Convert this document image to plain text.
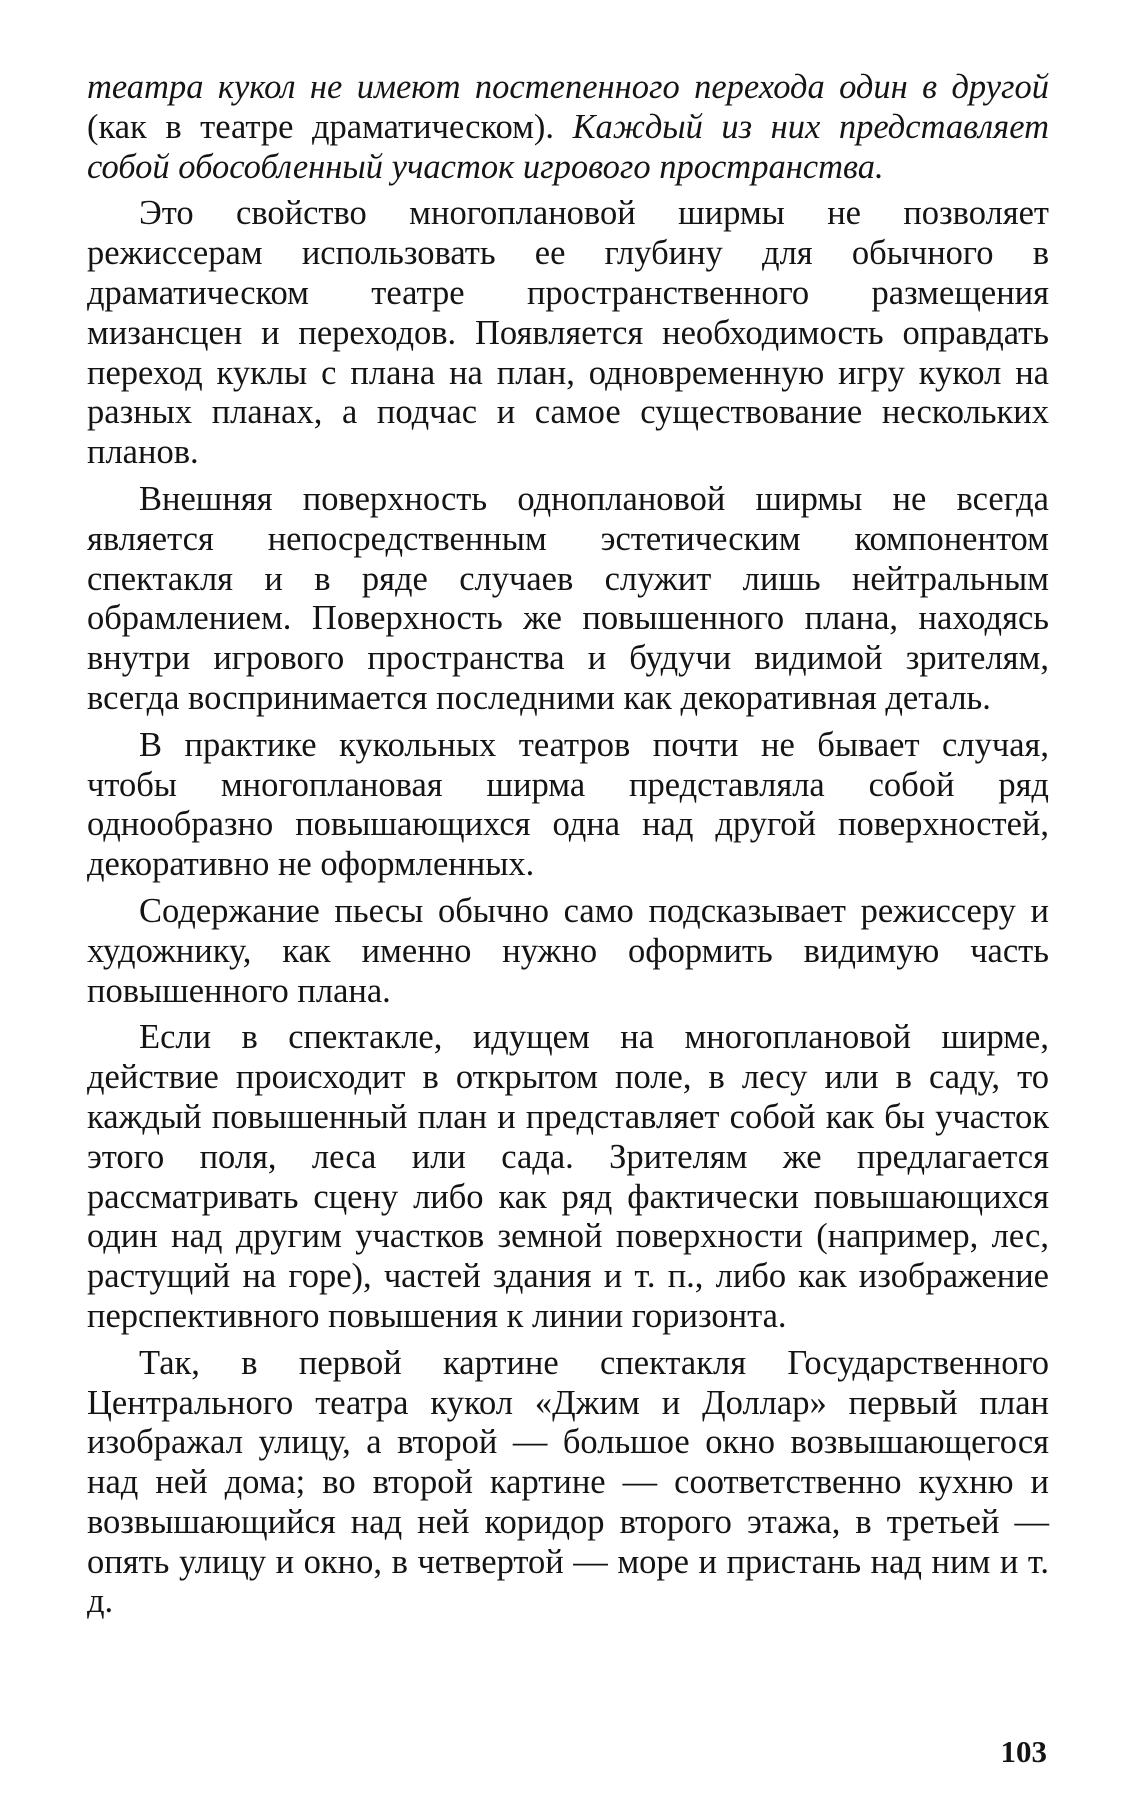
театра кукол не имеют постепенного перехода один в другой (как в театре драматическом). Каждый из них представляет собой обособленный участок игрового пространства.

Это свойство многоплановой ширмы не позволяет режиссерам использовать ее глубину для обычного в драматическом театре пространственного размещения мизансцен и переходов. Появляется необходимость оправдать переход куклы с плана на план, одновременную игру кукол на разных планах, а подчас и самое существование нескольких планов.

Внешняя поверхность одноплановой ширмы не всегда является непосредственным эстетическим компонентом спектакля и в ряде случаев служит лишь нейтральным обрамлением. Поверхность же повышенного плана, находясь внутри игрового пространства и будучи видимой зрителям, всегда воспринимается последними как декоративная деталь.

В практике кукольных театров почти не бывает случая, чтобы многоплановая ширма представляла собой ряд однообразно повышающихся одна над другой поверхностей, декоративно не оформленных.

Содержание пьесы обычно само подсказывает режиссеру и художнику, как именно нужно оформить видимую часть повышенного плана.

Если в спектакле, идущем на многоплановой ширме, действие происходит в открытом поле, в лесу или в саду, то каждый повышенный план и представляет собой как бы участок этого поля, леса или сада. Зрителям же предлагается рассматривать сцену либо как ряд фактически повышающихся один над другим участков земной поверхности (например, лес, растущий на горе), частей здания и т. п., либо как изображение перспективного повышения к линии горизонта.

Так, в первой картине спектакля Государственного Центрального театра кукол «Джим и Доллар» первый план изображал улицу, а второй — большое окно возвышающегося над ней дома; во второй картине — соответственно кухню и возвышающийся над ней коридор второго этажа, в третьей — опять улицу и окно, в четвертой — море и пристань над ним и т. д.

103
